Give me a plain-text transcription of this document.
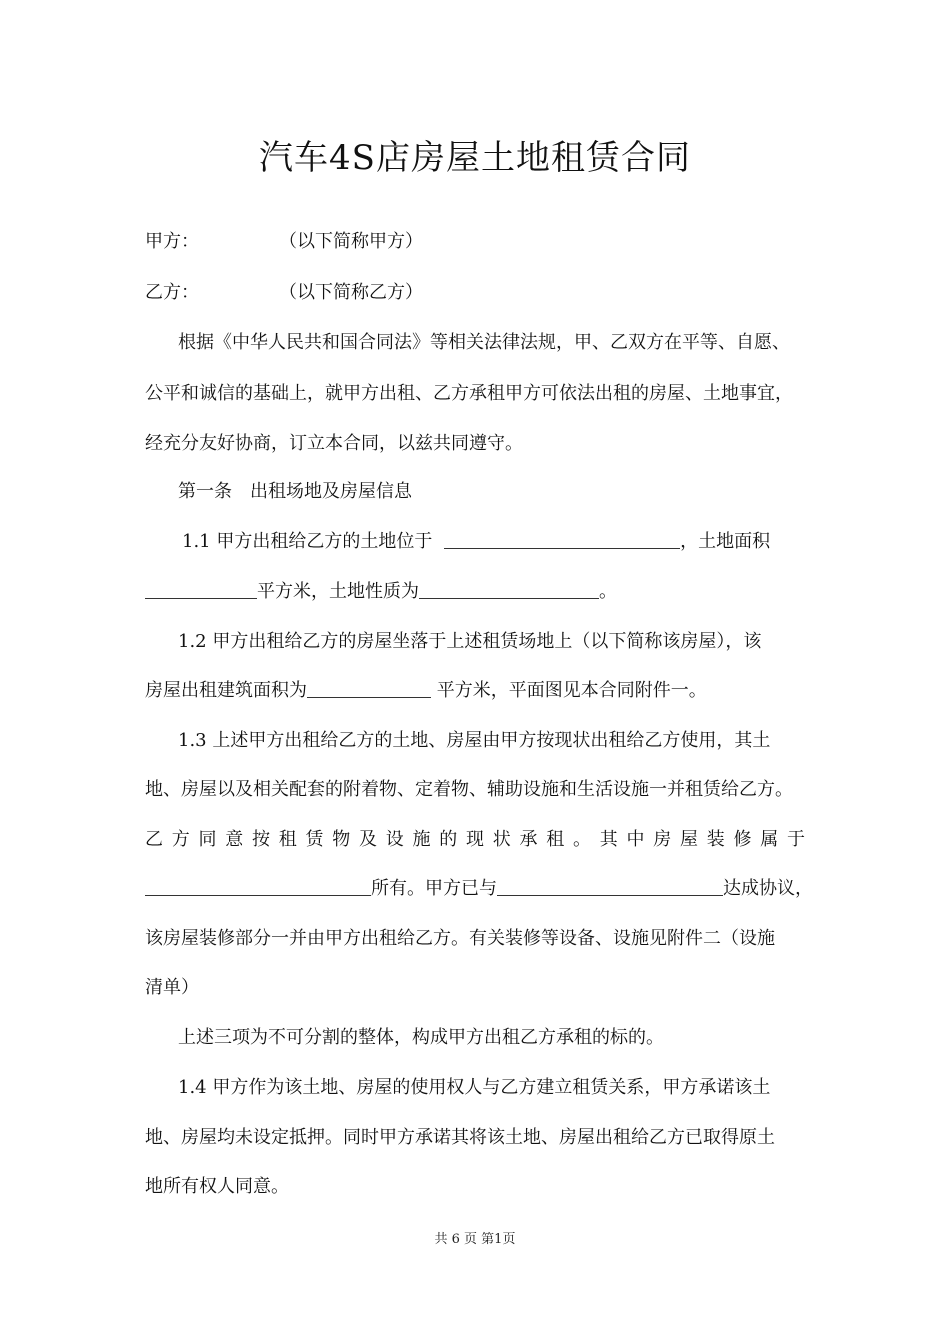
汽车4S店房屋土地租赁合同
甲方：	（以下简称甲方）
乙方：	（以下简称乙方）
根据《中华人民共和国合同法》等相关法律法规，甲、乙双方在平等、自愿、
公平和诚信的基础上，就甲方出租、乙方承租甲方可依法出租的房屋、土地事宜，
经充分友好协商，订立本合同，以兹共同遵守。
第一条　出租场地及房屋信息
1.1 甲方出租给乙方的土地位于	，土地面积
平方米，土地性质为	。
1.2 甲方出租给乙方的房屋坐落于上述租赁场地上（以下简称该房屋），该
房屋出租建筑面积为	平方米，平面图见本合同附件一。
1.3 上述甲方出租给乙方的土地、房屋由甲方按现状出租给乙方使用，其土
地、房屋以及相关配套的附着物、定着物、辅助设施和生活设施一并租赁给乙方。
乙 方 同 意 按 租 赁 物 及 设 施 的 现 状 承 租 。 其 中 房 屋 装 修 属 于
所有。甲方已与	达成协议，
该房屋装修部分一并由甲方出租给乙方。有关装修等设备、设施见附件二（设施
清单）
上述三项为不可分割的整体，构成甲方出租乙方承租的标的。
1.4 甲方作为该土地、房屋的使用权人与乙方建立租赁关系，甲方承诺该土
地、房屋均未设定抵押。同时甲方承诺其将该土地、房屋出租给乙方已取得原土
地所有权人同意。
共 6 页 第1页
